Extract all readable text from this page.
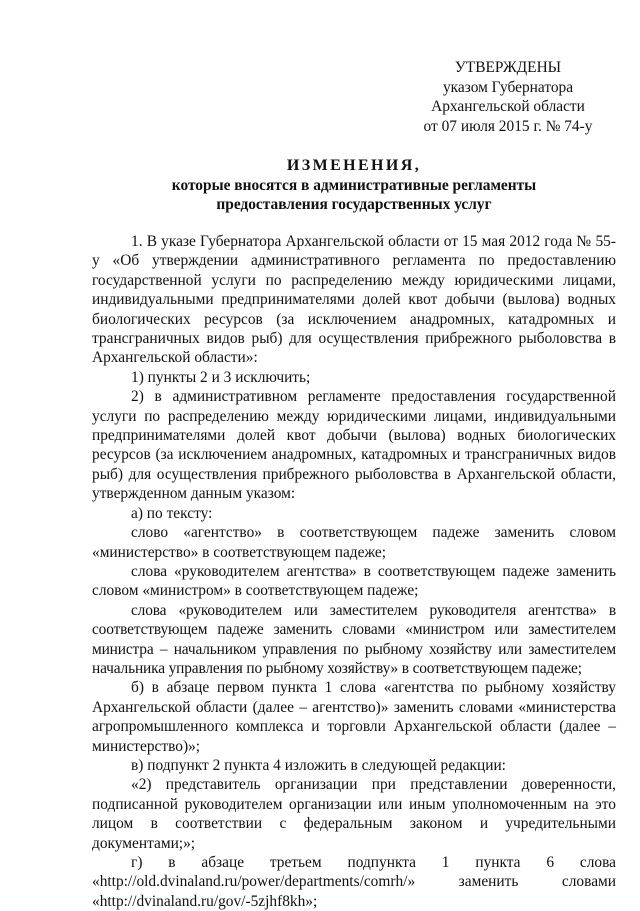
УТВЕРЖДЕНЫ
указом Губернатора
Архангельской области
от 07 июля 2015 г. № 74-у
ИЗМЕНЕНИЯ,
которые вносятся в административные регламенты
предоставления государственных услуг

1. В указе Губернатора Архангельской области от 15 мая 2012 года № 55-у «Об утверждении административного регламента по предоставлению государственной услуги по распределению между юридическими лицами, индивидуальными предпринимателями долей квот добычи (вылова) водных биологических ресурсов (за исключением анадромных, катадромных и трансграничных видов рыб) для осуществления прибрежного рыболовства в Архангельской области»:

1) пункты 2 и 3 исключить;

2) в административном регламенте предоставления государственной услуги по распределению между юридическими лицами, индивидуальными предпринимателями долей квот добычи (вылова) водных биологических ресурсов (за исключением анадромных, катадромных и трансграничных видов рыб) для осуществления прибрежного рыболовства в Архангельской области, утвержденном данным указом:

а) по тексту:

слово «агентство» в соответствующем падеже заменить словом «министерство» в соответствующем падеже;

слова «руководителем агентства» в соответствующем падеже заменить словом «министром» в соответствующем падеже;

слова «руководителем или заместителем руководителя агентства» в соответствующем падеже заменить словами «министром или заместителем министра – начальником управления по рыбному хозяйству или заместителем начальника управления по рыбному хозяйству» в соответствующем падеже;

б) в абзаце первом пункта 1 слова «агентства по рыбному хозяйству Архангельской области (далее – агентство)» заменить словами «министерства агропромышленного комплекса и торговли Архангельской области (далее – министерство)»;

в) подпункт 2 пункта 4 изложить в следующей редакции:

«2) представитель организации при представлении доверенности, подписанной руководителем организации или иным уполномоченным на это лицом в соответствии с федеральным законом и учредительными документами;»;

г) в абзаце третьем подпункта 1 пункта 6 слова «http://old.dvinaland.ru/power/departments/comrh/» заменить словами «http://dvinaland.ru/gov/-5zjhf8kh»;
